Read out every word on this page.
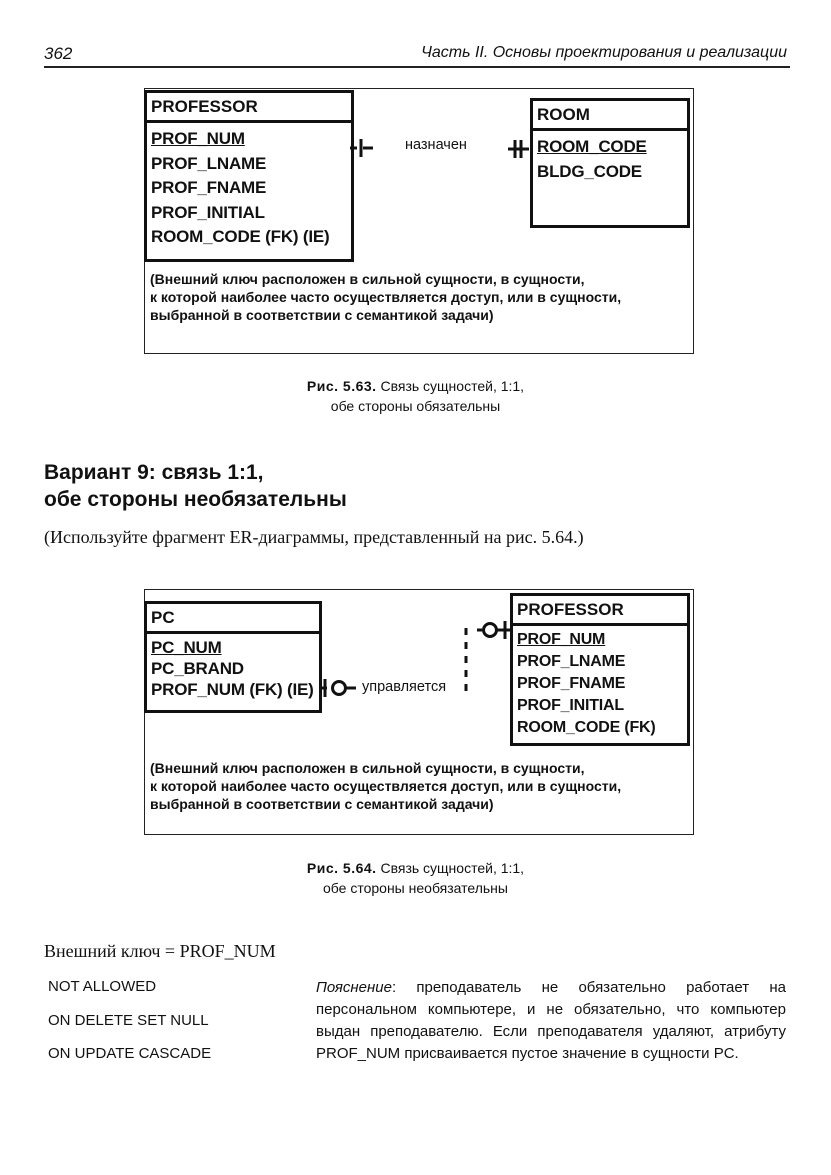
362	Часть II. Основы проектирования и реализации
PROFESSOR
PROF_NUM
PROF_LNAME
PROF_FNAME
PROF_INITIAL
ROOM_CODE (FK) (IE)
назначен
ROOM
ROOM_CODE
BLDG_CODE
(Внешний ключ расположен в сильной сущности, в сущности,
к которой наиболее часто осуществляется доступ, или в сущности,
выбранной в соответствии с семантикой задачи)
Рис. 5.63. Связь сущностей, 1:1,
обе стороны обязательны
Вариант 9: связь 1:1,
обе стороны необязательны
(Используйте фрагмент ER-диаграммы, представленный на рис. 5.64.)
PC
PC_NUM
PC_BRAND
PROF_NUM (FK) (IE)	управляется
PROFESSOR
PROF_NUM
PROF_LNAME
PROF_FNAME
PROF_INITIAL
ROOM_CODE (FK)
(Внешний ключ расположен в сильной сущности, в сущности,
к которой наиболее часто осуществляется доступ, или в сущности,
выбранной в соответствии с семантикой задачи)
Рис. 5.64. Связь сущностей, 1:1,
обе стороны необязательны
Внешний ключ = PROF_NUM
NOT ALLOWED
ON DELETE SET NULL
ON UPDATE CASCADE
Пояснение: преподаватель не обязательно работает на персональном компьютере, и не обязательно, что компьютер выдан преподавателю. Если преподавателя удаляют, атрибуту PROF_NUM присваивается пустое значение в сущности PC.
